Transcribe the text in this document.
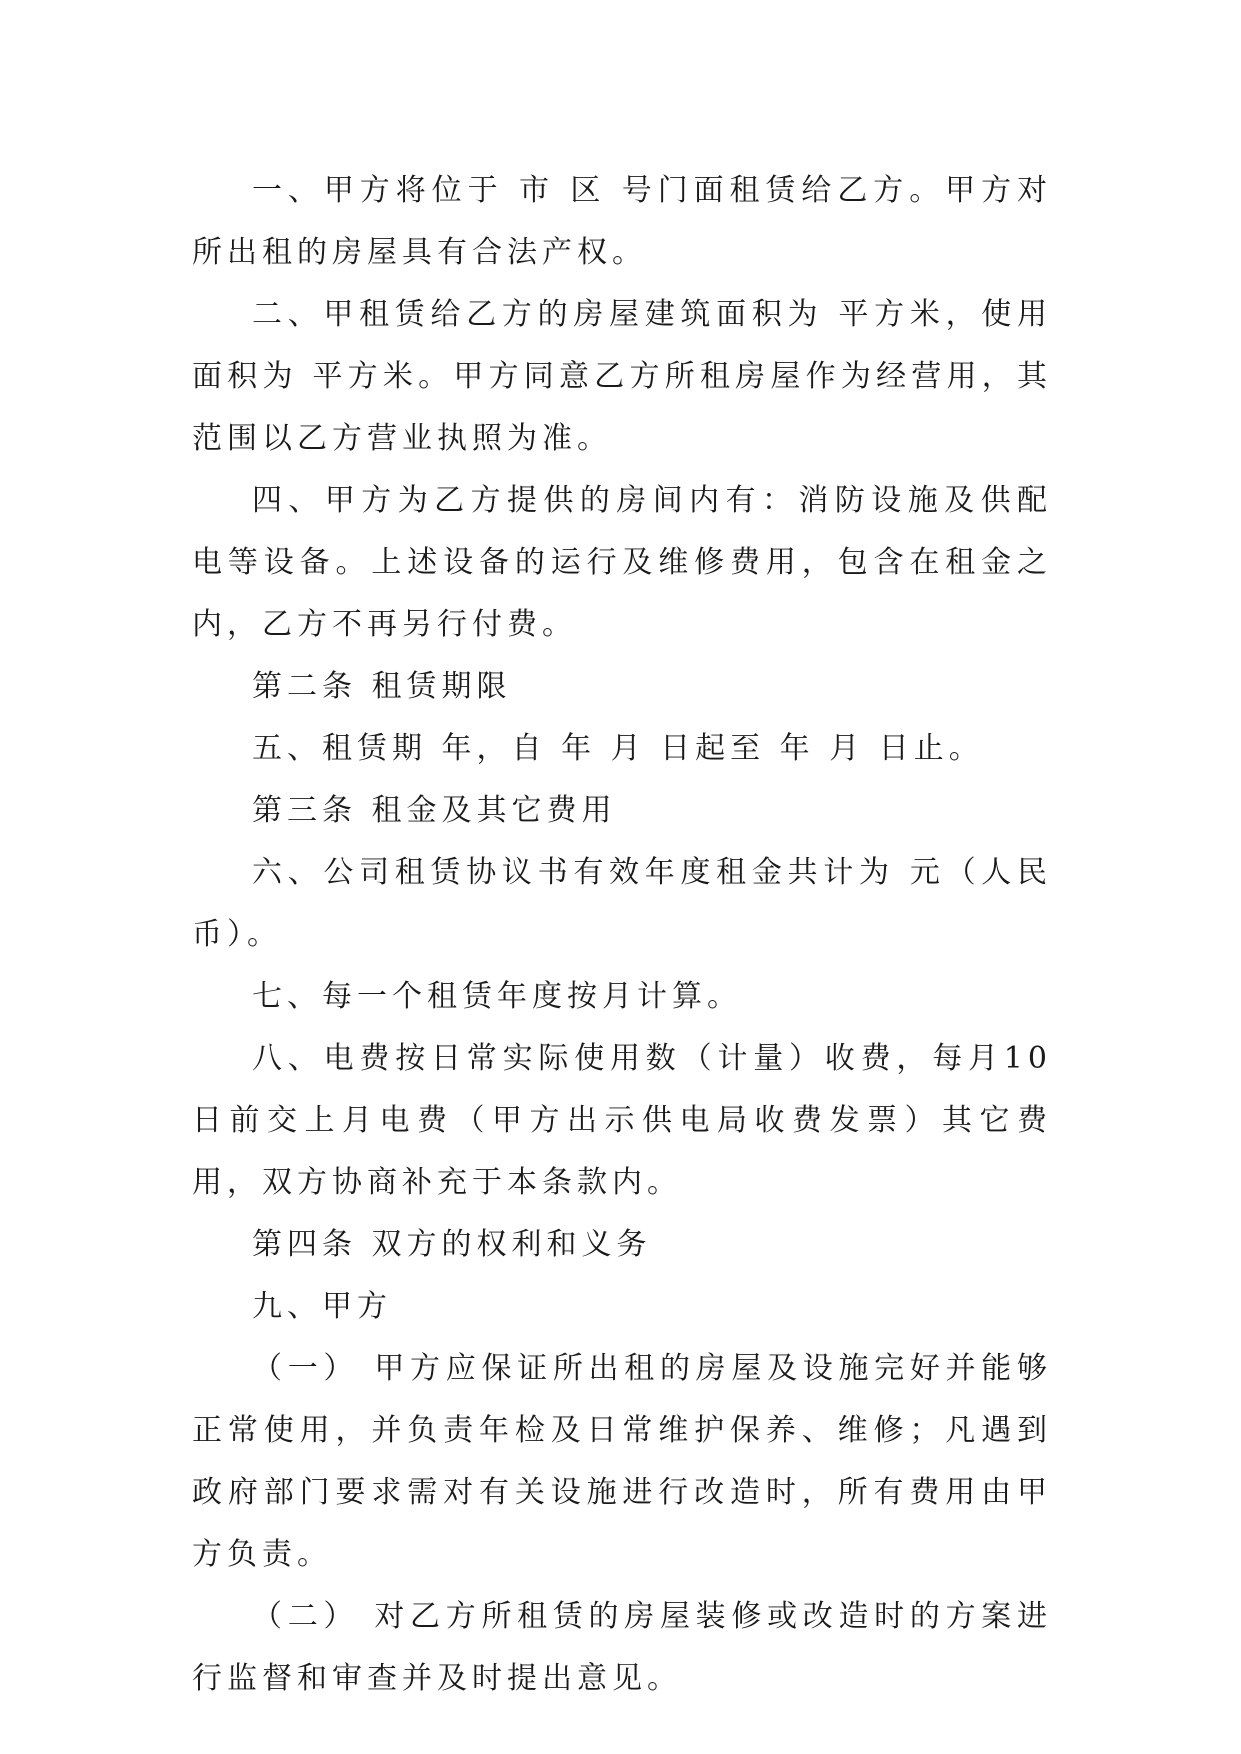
一、甲方将位于 市 区 号门面租赁给乙方。甲方对所出租的房屋具有合法产权。

二、甲租赁给乙方的房屋建筑面积为 平方米，使用面积为 平方米。甲方同意乙方所租房屋作为经营用，其范围以乙方营业执照为准。

四、甲方为乙方提供的房间内有：消防设施及供配电等设备。上述设备的运行及维修费用，包含在租金之内，乙方不再另行付费。

第二条 租赁期限

五、租赁期 年，自 年 月 日起至 年 月 日止。

第三条 租金及其它费用

六、公司租赁协议书有效年度租金共计为 元（人民币）。

七、每一个租赁年度按月计算。

八、电费按日常实际使用数（计量）收费，每月10日前交上月电费（甲方出示供电局收费发票）其它费用，双方协商补充于本条款内。

第四条 双方的权利和义务

九、甲方

（一） 甲方应保证所出租的房屋及设施完好并能够正常使用，并负责年检及日常维护保养、维修；凡遇到政府部门要求需对有关设施进行改造时，所有费用由甲方负责。

（二） 对乙方所租赁的房屋装修或改造时的方案进行监督和审查并及时提出意见。
